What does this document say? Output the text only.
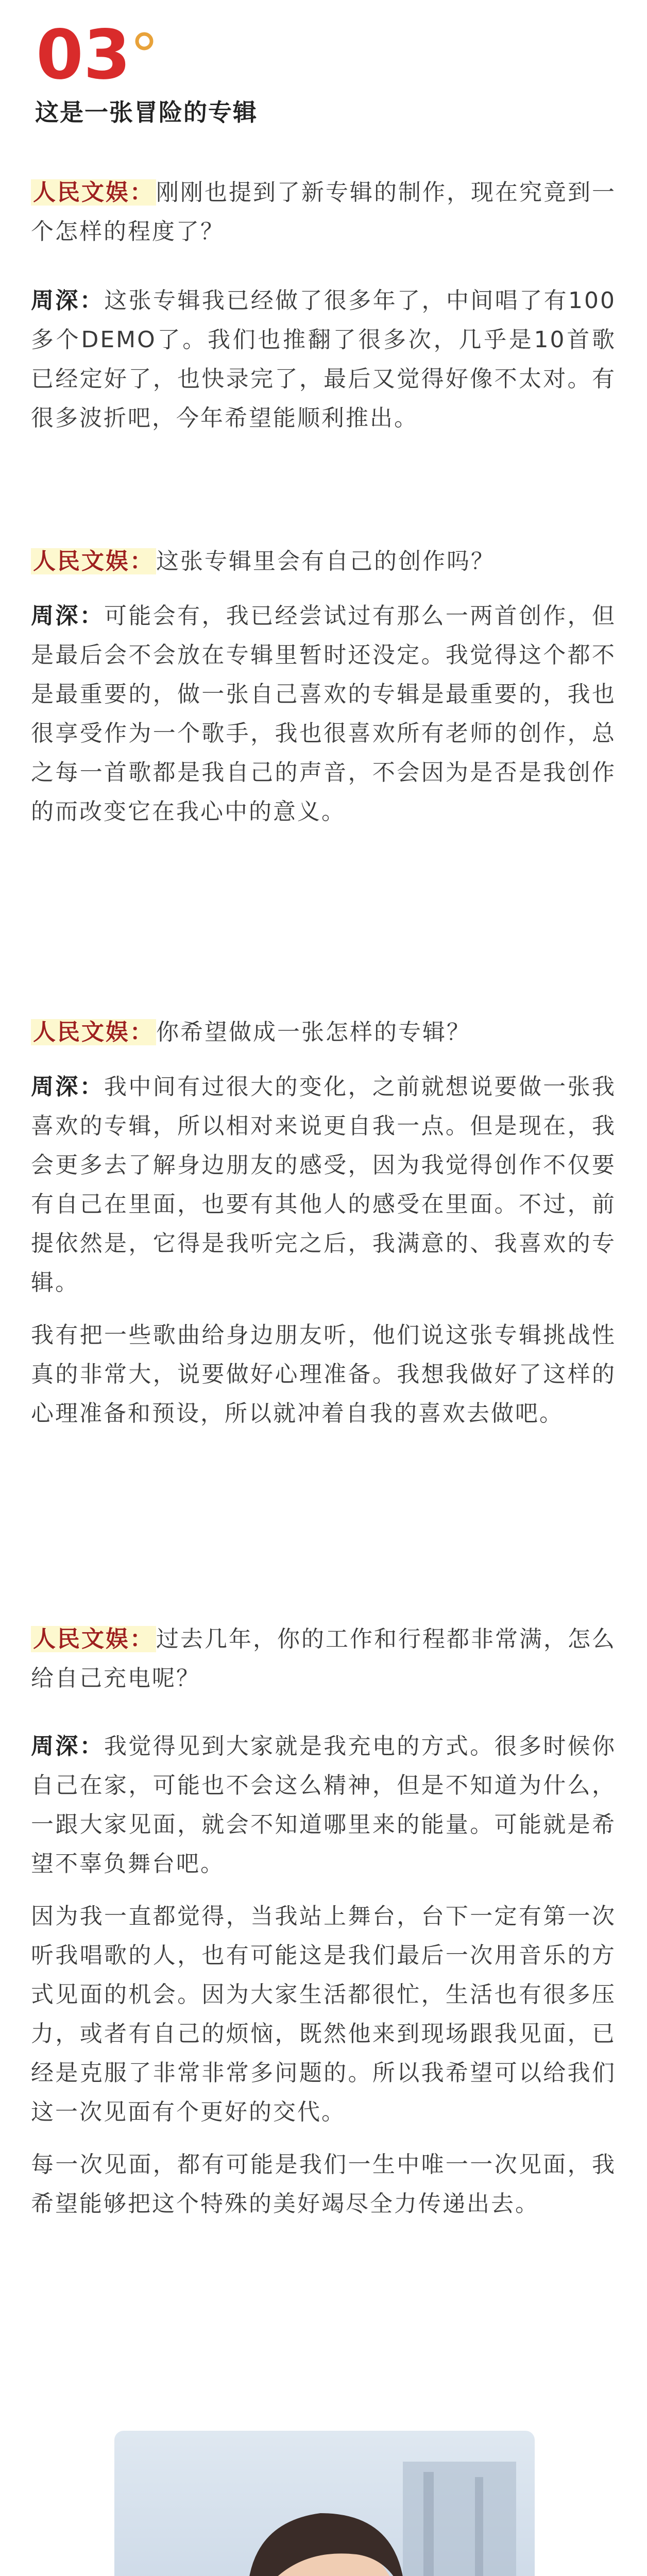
03
这是一张冒险的专辑

人民文娱：刚刚也提到了新专辑的制作，现在究竟到一个怎样的程度了？

周深：这张专辑我已经做了很多年了，中间唱了有100多个DEMO了。我们也推翻了很多次，几乎是10首歌已经定好了，也快录完了，最后又觉得好像不太对。有很多波折吧，今年希望能顺利推出。

人民文娱：这张专辑里会有自己的创作吗？

周深：可能会有，我已经尝试过有那么一两首创作，但是最后会不会放在专辑里暂时还没定。我觉得这个都不是最重要的，做一张自己喜欢的专辑是最重要的，我也很享受作为一个歌手，我也很喜欢所有老师的创作，总之每一首歌都是我自己的声音，不会因为是否是我创作的而改变它在我心中的意义。

人民文娱：你希望做成一张怎样的专辑？

周深：我中间有过很大的变化，之前就想说要做一张我喜欢的专辑，所以相对来说更自我一点。但是现在，我会更多去了解身边朋友的感受，因为我觉得创作不仅要有自己在里面，也要有其他人的感受在里面。不过，前提依然是，它得是我听完之后，我满意的、我喜欢的专辑。

我有把一些歌曲给身边朋友听，他们说这张专辑挑战性真的非常大，说要做好心理准备。我想我做好了这样的心理准备和预设，所以就冲着自我的喜欢去做吧。

人民文娱：过去几年，你的工作和行程都非常满，怎么给自己充电呢？

周深：我觉得见到大家就是我充电的方式。很多时候你自己在家，可能也不会这么精神，但是不知道为什么，一跟大家见面，就会不知道哪里来的能量。可能就是希望不辜负舞台吧。

因为我一直都觉得，当我站上舞台，台下一定有第一次听我唱歌的人，也有可能这是我们最后一次用音乐的方式见面的机会。因为大家生活都很忙，生活也有很多压力，或者有自己的烦恼，既然他来到现场跟我见面，已经是克服了非常非常多问题的。所以我希望可以给我们这一次见面有个更好的交代。

每一次见面，都有可能是我们一生中唯一一次见面，我希望能够把这个特殊的美好竭尽全力传递出去。
